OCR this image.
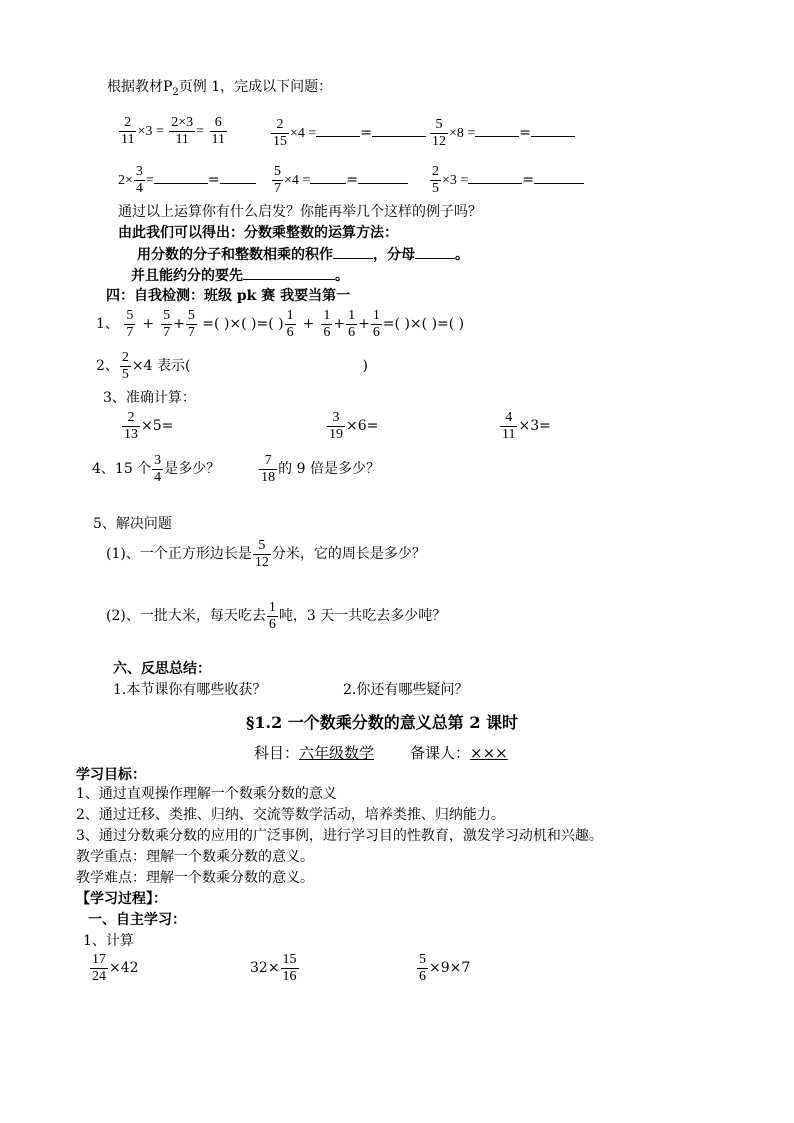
根据教材$P_2$页例 1，完成以下问题：
$\frac{2}{11} \times 3 = \frac{2\times 3}{11} = \frac{6}{11}$	$\frac{2}{15} \times 4$ =	=	$\frac{5}{12} \times 8$ =	=
$2\times \frac{3}{4}$ =	=	$\frac{5}{7} \times 4$ =	=	$\frac{2}{5} \times 3$ =	=
通过以上运算你有什么启发？你能再举几个这样的例子吗？
由此我们可以得出：分数乘整数的运算方法：
用分数的分子和整数相乘的积作	，分母	。
并且能约分的要先	。
四：自我检测：班级 pk 赛 我要当第一
1、 $\frac{5}{7} + \frac{5}{7} + \frac{5}{7}$ =( )×( )=( ) $\frac{1}{6} + \frac{1}{6} + \frac{1}{6} + \frac{1}{6}$ =( )×( )=( )
2、 $\frac{2}{5} \times 4$ 表示(	)
3、准确计算：
$\frac{2}{13} \times 5=$	$\frac{3}{19} \times 6=$	$\frac{4}{11} \times 3=$
4、15 个 $\frac{3}{4}$ 是多少？	$\frac{7}{18}$ 的 9 倍是多少？
5、解决问题
(1)、一个正方形边长是 $\frac{5}{12}$ 分米，它的周长是多少？
(2)、一批大米，每天吃去 $\frac{1}{6}$ 吨，3 天一共吃去多少吨？
六、反思总结：
1.本节课你有哪些收获？	2.你还有哪些疑问？
§1.2 一个数乘分数的意义总第 2 课时
科目：六年级数学 备课人：×××
学习目标：
1、通过直观操作理解一个数乘分数的意义
2、通过迁移、类推、归纳、交流等数学活动，培养类推、归纳能力。
3、通过分数乘分数的应用的广泛事例，进行学习目的性教育，激发学习动机和兴趣。
教学重点：理解一个数乘分数的意义。
教学难点：理解一个数乘分数的意义。
【学习过程】：
一、自主学习：
1、计算
$\frac{17}{24} \times 42$	$32\times \frac{15}{16}$	$\frac{5}{6} \times 9\times 7$
